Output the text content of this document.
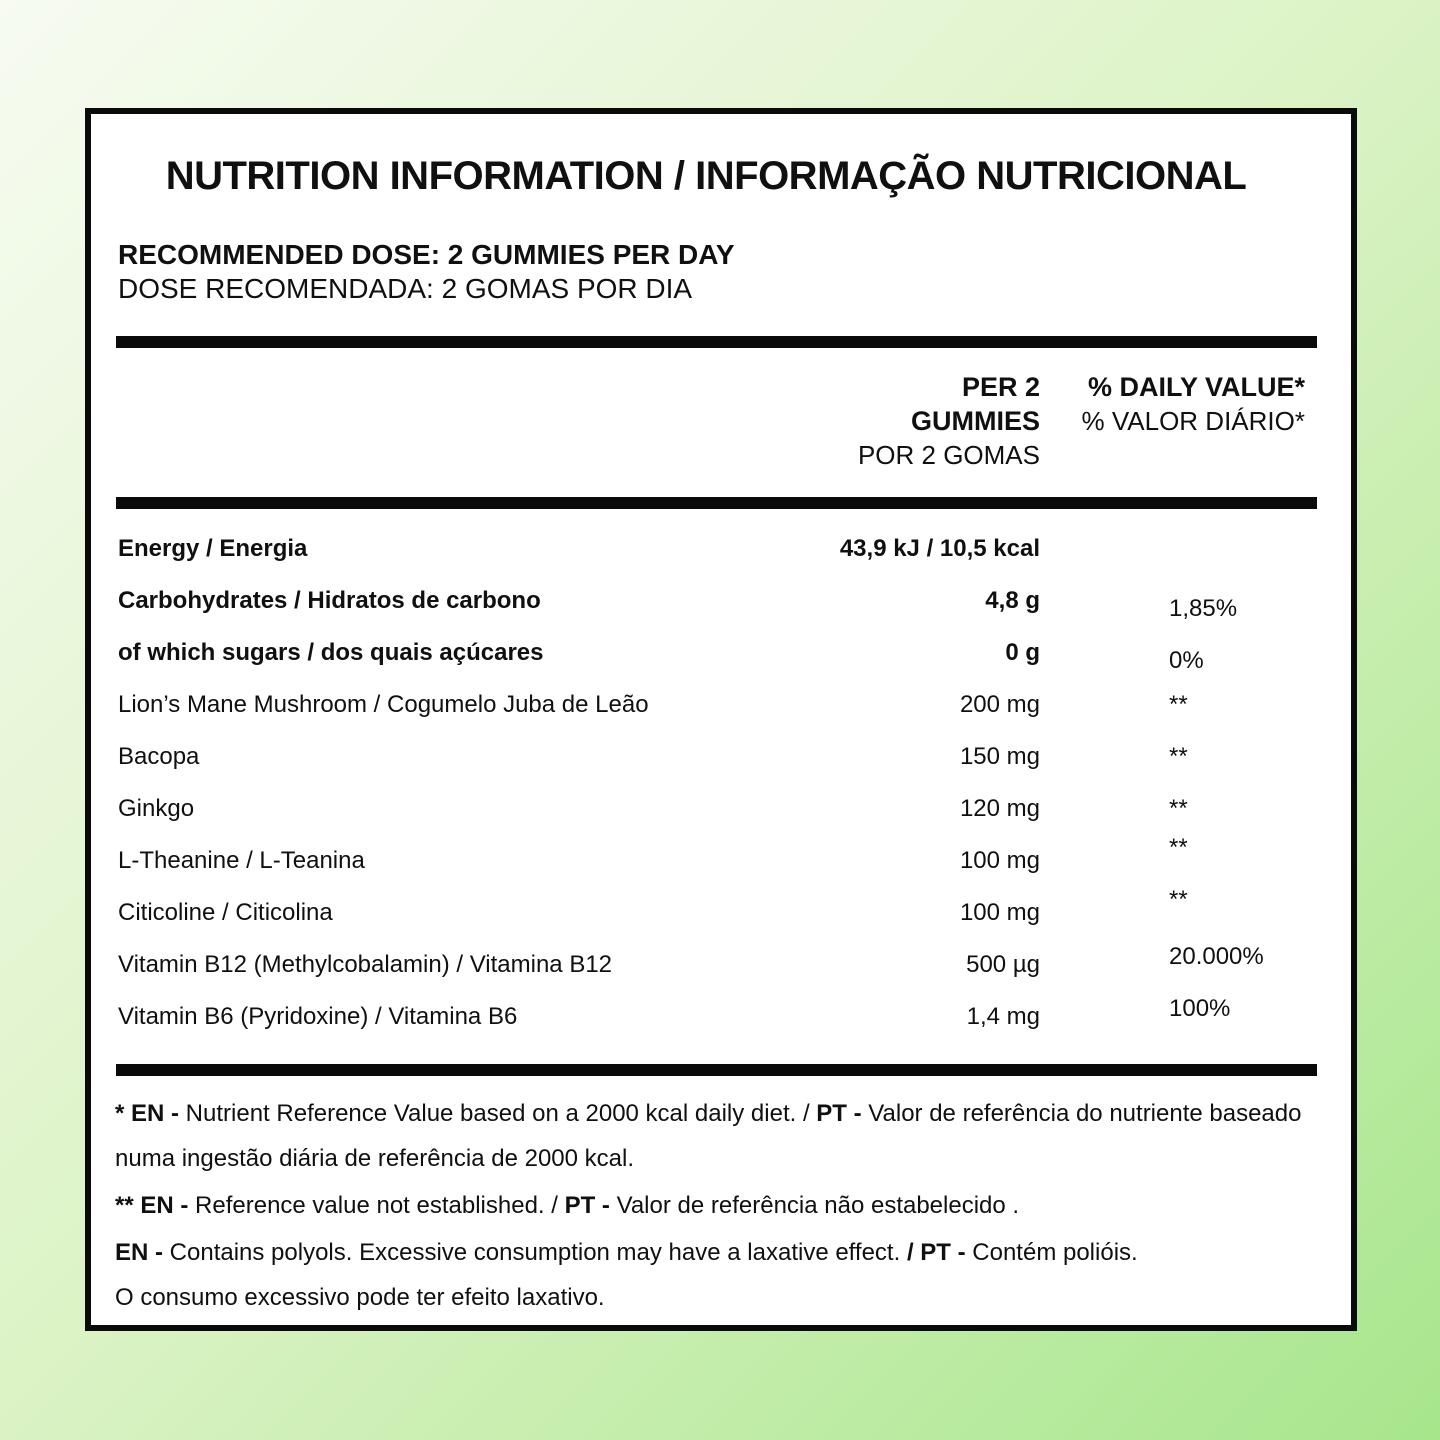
NUTRITION INFORMATION / INFORMAÇÃO NUTRICIONAL

RECOMMENDED DOSE: 2 GUMMIES PER DAY

DOSE RECOMENDADA: 2 GOMAS POR DIA

PER 2 GUMMIES
POR 2 GOMAS
% DAILY VALUE*
% VALOR DIÁRIO*
Energy / Energia	43,9 kJ / 10,5 kcal
Carbohydrates / Hidratos de carbono	4,8 g	1,85%
of which sugars / dos quais açúcares	0 g	0%
Lion’s Mane Mushroom / Cogumelo Juba de Leão	200 mg	**
Bacopa	150 mg	**
Ginkgo	120 mg	**
L-Theanine / L-Teanina	100 mg	**
Citicoline / Citicolina	100 mg	**
Vitamin B12 (Methylcobalamin) / Vitamina B12	500 µg	20.000%
Vitamin B6 (Pyridoxine) / Vitamina B6	1,4 mg	100%

* EN - Nutrient Reference Value based on a 2000 kcal daily diet. / PT - Valor de referência do nutriente baseado numa ingestão diária de referência de 2000 kcal.

** EN - Reference value not established. / PT - Valor de referência não estabelecido .

EN - Contains polyols. Excessive consumption may have a laxative effect. / PT - Contém polióis.
O consumo excessivo pode ter efeito laxativo.
